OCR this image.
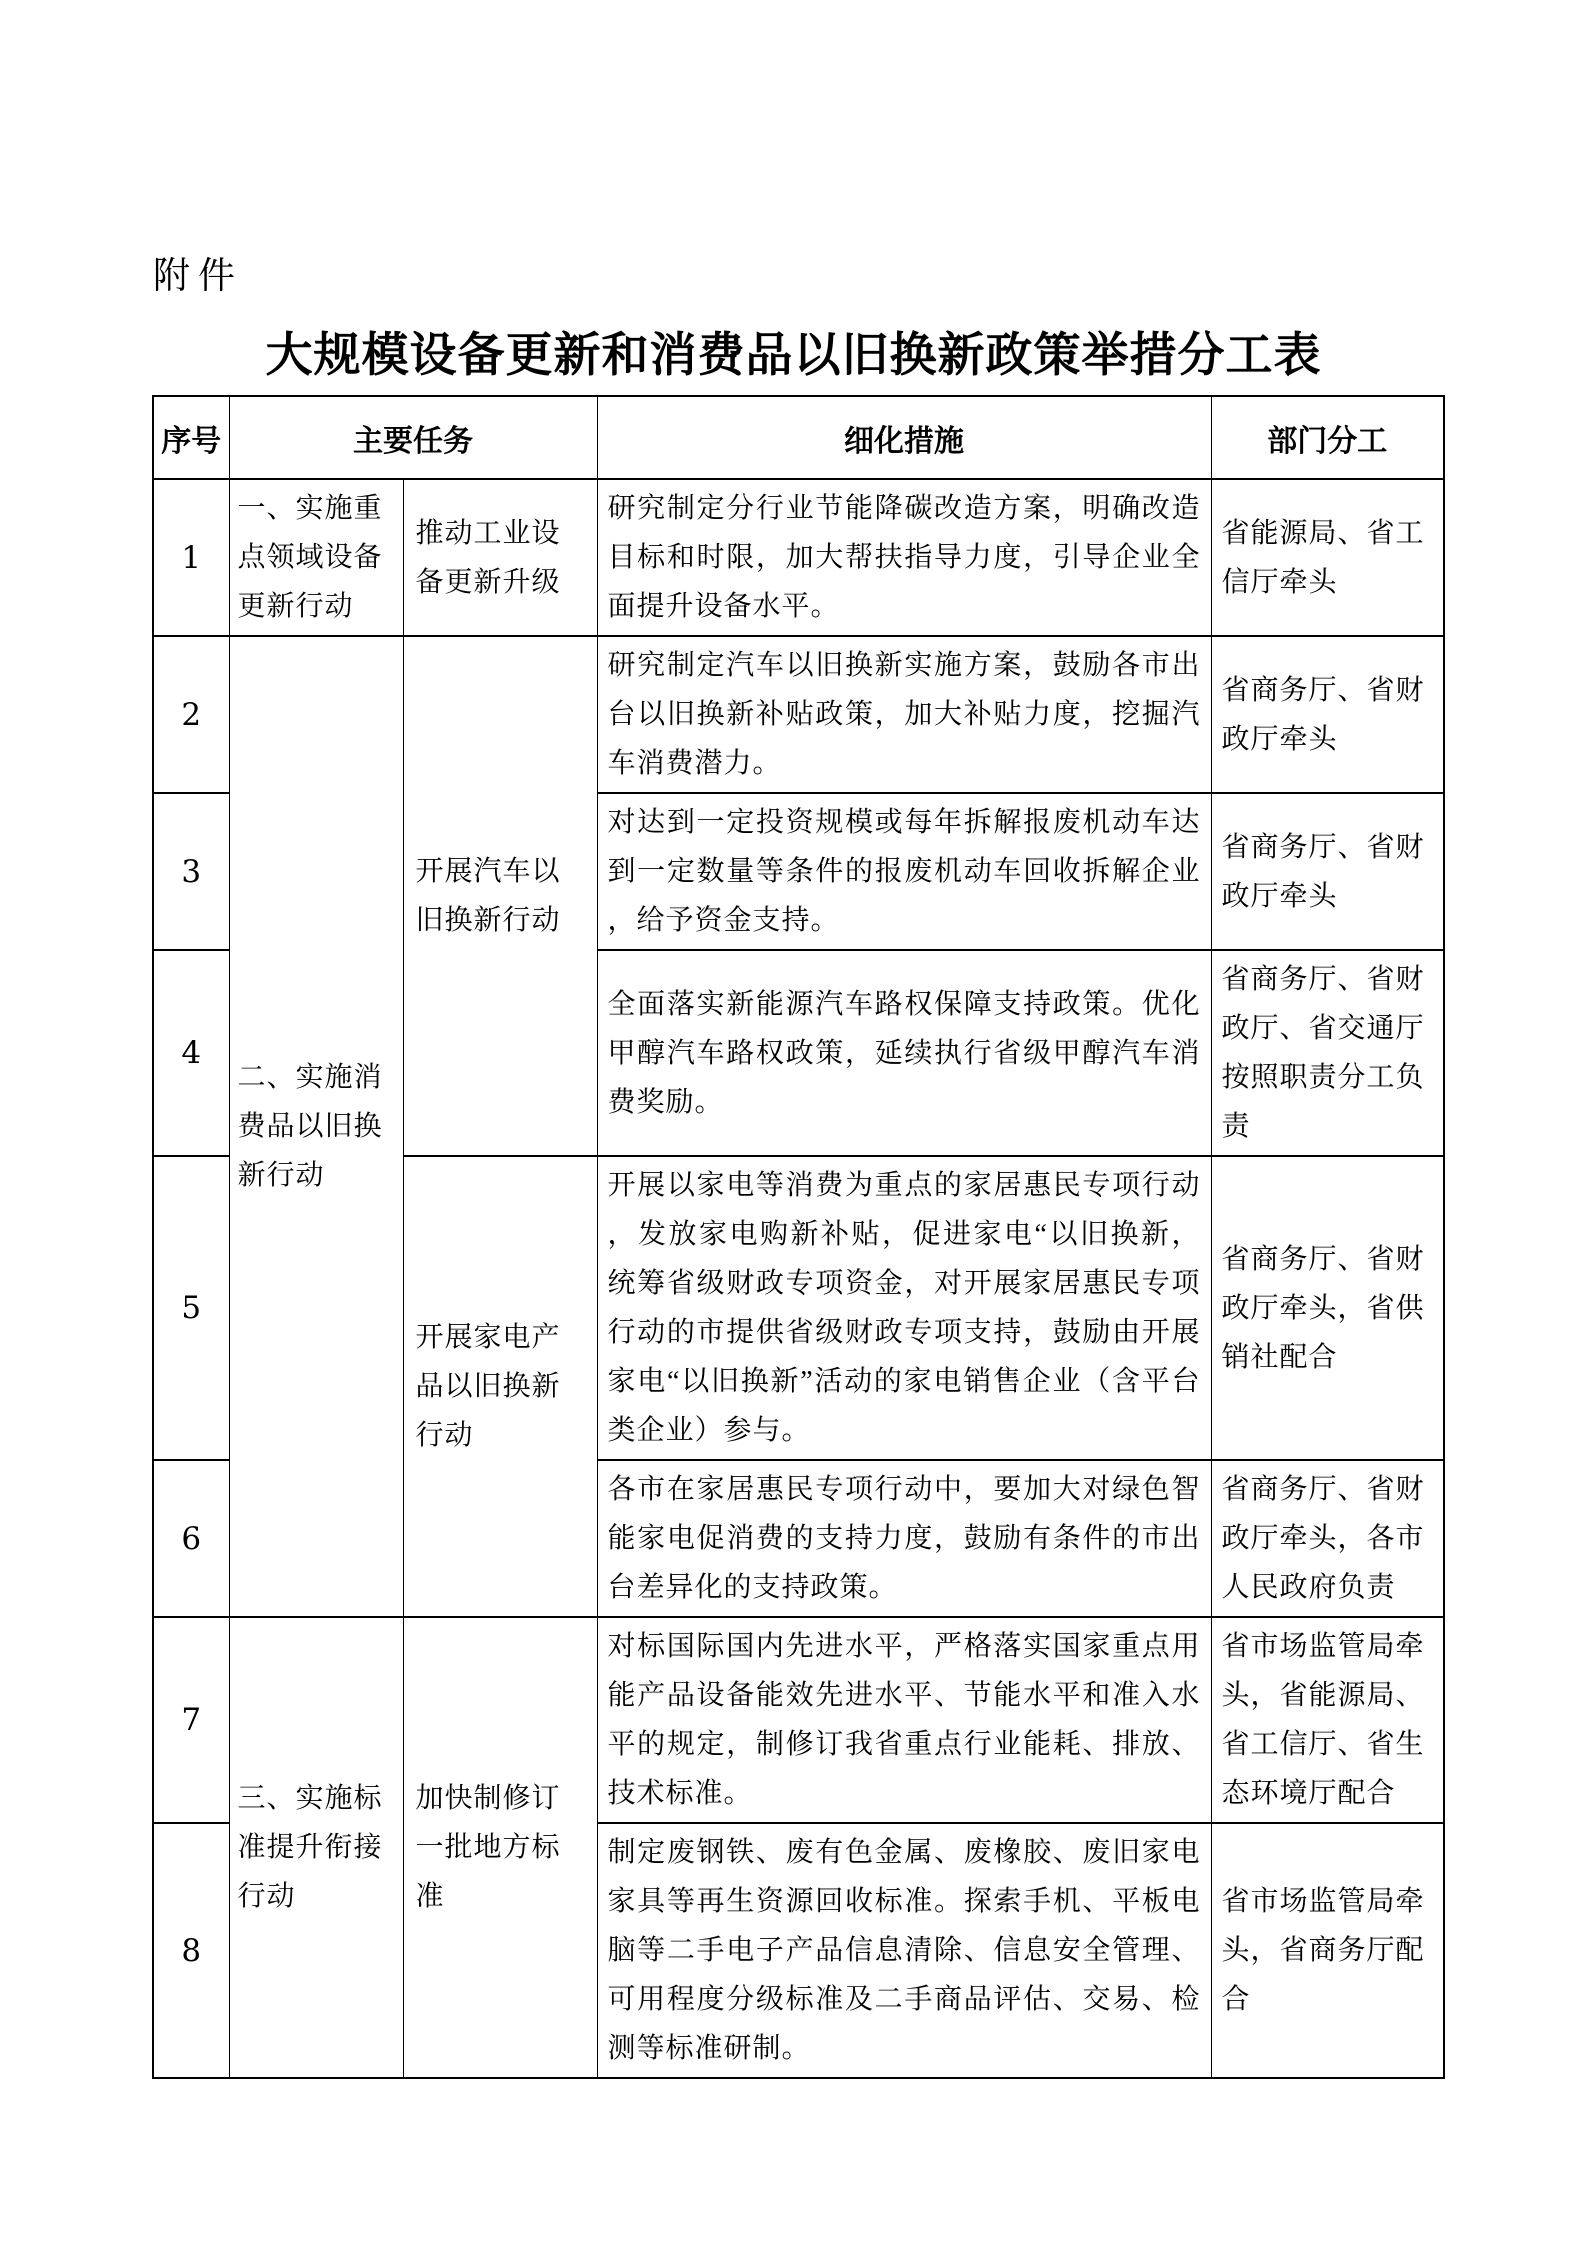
附件
大规模设备更新和消费品以旧换新政策举措分工表
序号	主要任务		细化措施	部门分工
1	一、实施重点领域设备更新行动	推动工业设备更新升级	研究制定分行业节能降碳改造方案，明确改造目标和时限，加大帮扶指导力度，引导企业全面提升设备水平。	省能源局、省工信厅牵头
2	二、实施消费品以旧换新行动	开展汽车以旧换新行动	研究制定汽车以旧换新实施方案，鼓励各市出台以旧换新补贴政策，加大补贴力度，挖掘汽车消费潜力。	省商务厅、省财政厅牵头
3			对达到一定投资规模或每年拆解报废机动车达到一定数量等条件的报废机动车回收拆解企业，给予资金支持。	省商务厅、省财政厅牵头
4			全面落实新能源汽车路权保障支持政策。优化甲醇汽车路权政策，延续执行省级甲醇汽车消费奖励。	省商务厅、省财政厅、省交通厅按照职责分工负责
5		开展家电产品以旧换新行动	开展以家电等消费为重点的家居惠民专项行动，发放家电购新补贴，促进家电“以旧换新，统筹省级财政专项资金，对开展家居惠民专项行动的市提供省级财政专项支持，鼓励由开展家电“以旧换新”活动的家电销售企业（含平台类企业）参与。	省商务厅、省财政厅牵头，省供销社配合
6			各市在家居惠民专项行动中，要加大对绿色智能家电促消费的支持力度，鼓励有条件的市出台差异化的支持政策。	省商务厅、省财政厅牵头，各市人民政府负责
7	三、实施标准提升衔接行动	加快制修订一批地方标准	对标国际国内先进水平，严格落实国家重点用能产品设备能效先进水平、节能水平和准入水平的规定，制修订我省重点行业能耗、排放、技术标准。	省市场监管局牵头，省能源局、省工信厅、省生态环境厅配合
8			制定废钢铁、废有色金属、废橡胶、废旧家电家具等再生资源回收标准。探索手机、平板电脑等二手电子产品信息清除、信息安全管理、可用程度分级标准及二手商品评估、交易、检测等标准研制。	省市场监管局牵头，省商务厅配合
